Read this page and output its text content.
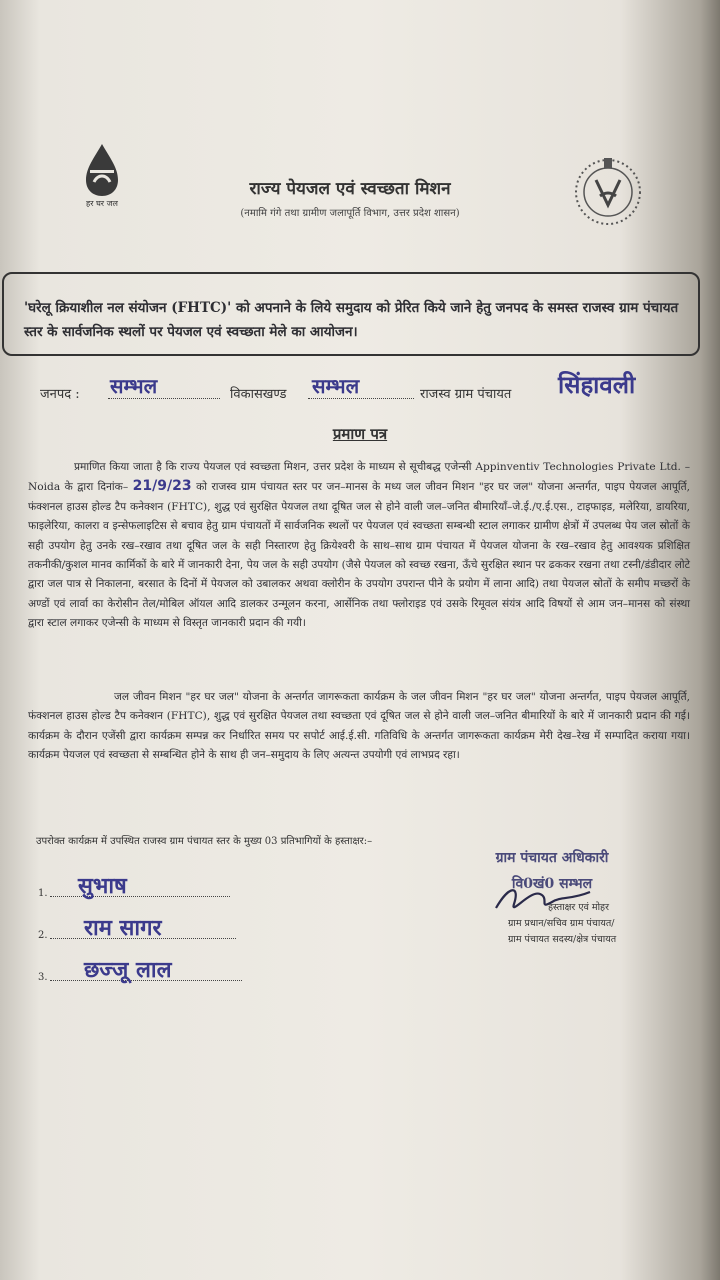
हर घर जल
राज्य पेयजल एवं स्वच्छता मिशन
(नमामि गंगे तथा ग्रामीण जलापूर्ति विभाग, उत्तर प्रदेश शासन)
'घरेलू क्रियाशील नल संयोजन (FHTC)' को अपनाने के लिये समुदाय को प्रेरित किये जाने हेतु जनपद के समस्त राजस्व ग्राम पंचायत स्तर के सार्वजनिक स्थलों पर पेयजल एवं स्वच्छता मेले का आयोजन।
जनपद : सम्भल	विकासखण्ड सम्भल	राजस्व ग्राम पंचायत सिंहावली
प्रमाण पत्र
प्रमाणित किया जाता है कि राज्य पेयजल एवं स्वच्छता मिशन, उत्तर प्रदेश के माध्यम से सूचीबद्ध एजेन्सी Appinventiv Technologies Private Ltd. – Noida के द्वारा दिनांक– 21/9/23 को राजस्व ग्राम पंचायत स्तर पर जन–मानस के मध्य जल जीवन मिशन "हर घर जल" योजना अन्तर्गत, पाइप पेयजल आपूर्ति, फंक्शनल हाउस होल्ड टैप कनेक्शन (FHTC), शुद्ध एवं सुरक्षित पेयजल तथा दूषित जल से होने वाली जल–जनित बीमारियाँ–जे.ई./ए.ई.एस., टाइफाइड, मलेरिया, डायरिया, फाइलेरिया, कालरा व इन्सेफलाइटिस से बचाव हेतु ग्राम पंचायतों में सार्वजनिक स्थलों पर पेयजल एवं स्वच्छता सम्बन्धी स्टाल लगाकर ग्रामीण क्षेत्रों में उपलब्ध पेय जल स्रोतों के सही उपयोग हेतु उनके रख–रखाव तथा दूषित जल के सही निस्तारण हेतु क्रियेश्वरी के साथ–साथ ग्राम पंचायत में पेयजल योजना के रख–रखाव हेतु आवश्यक प्रशिक्षित तकनीकी/कुशल मानव कार्मिकों के बारे में जानकारी देना, पेय जल के सही उपयोग (जैसे पेयजल को स्वच्छ रखना, ऊँचे सुरक्षित स्थान पर ढककर रखना तथा टस्नी/डंडीदार लोटे द्वारा जल पात्र से निकालना, बरसात के दिनों में पेयजल को उबालकर अथवा क्लोरीन के उपयोग उपरान्त पीने के प्रयोग में लाना आदि) तथा पेयजल स्रोतों के समीप मच्छरों के अण्डों एवं लार्वा का केरोसीन तेल/मोबिल ऑयल आदि डालकर उन्मूलन करना, आर्सेनिक तथा फ्लोराइड एवं उसके रिमूवल संयंत्र आदि विषयों से आम जन–मानस को संस्था द्वारा स्टाल लगाकर एजेन्सी के माध्यम से विस्तृत जानकारी प्रदान की गयी।
जल जीवन मिशन "हर घर जल" योजना के अन्तर्गत जागरूकता कार्यक्रम के जल जीवन मिशन "हर घर जल" योजना अन्तर्गत, पाइप पेयजल आपूर्ति, फंक्शनल हाउस होल्ड टैप कनेक्शन (FHTC), शुद्ध एवं सुरक्षित पेयजल तथा स्वच्छता एवं दूषित जल से होने वाली जल–जनित बीमारियों के बारे में जानकारी प्रदान की गई। कार्यक्रम के दौरान एजेंसी द्वारा कार्यक्रम सम्पन्न कर निर्धारित समय पर सपोर्ट आई.ई.सी. गतिविधि के अन्तर्गत जागरूकता कार्यक्रम मेरी देख–रेख में सम्पादित कराया गया। कार्यक्रम पेयजल एवं स्वच्छता से सम्बन्धित होने के साथ ही जन–समुदाय के लिए अत्यन्त उपयोगी एवं लाभप्रद रहा।
उपरोक्त कार्यक्रम में उपस्थित राजस्व ग्राम पंचायत स्तर के मुख्य 03 प्रतिभागियों के हस्ताक्षर:–
1. सुभाष
2. राम सागर
3. छज्जू लाल
ग्राम पंचायत अधिकारी
वि0खं0 सम्भल
हस्ताक्षर एवं मोहर
ग्राम प्रधान/सचिव ग्राम पंचायत/
ग्राम पंचायत सदस्य/क्षेत्र पंचायत
